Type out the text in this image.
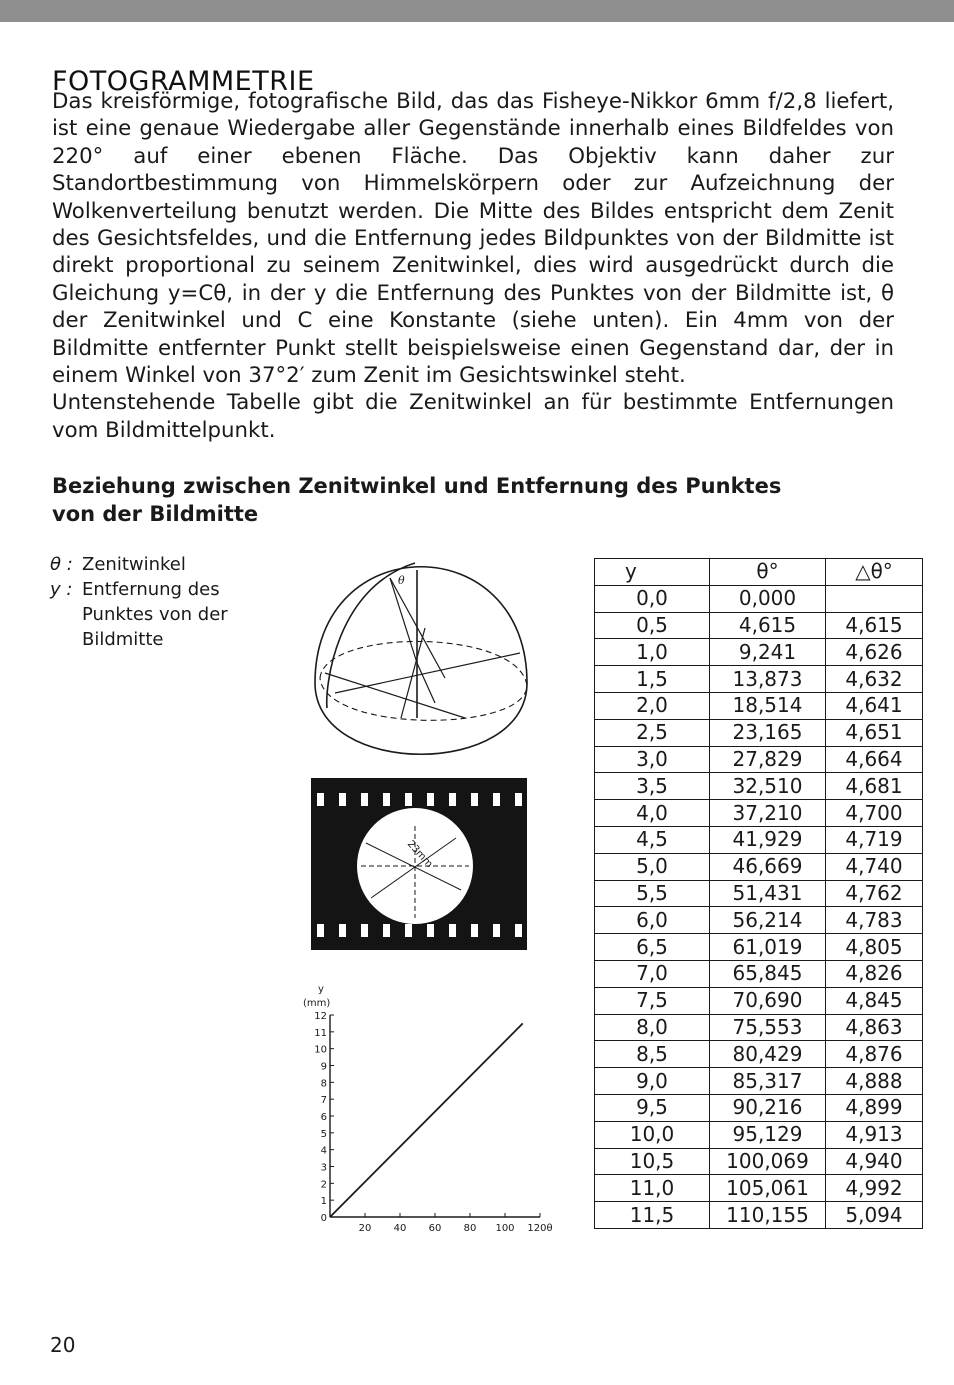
FOTOGRAMMETRIE

Das kreisförmige, fotografische Bild, das das Fisheye-Nikkor 6mm f/2,8 liefert, ist eine genaue Wiedergabe aller Gegenstände innerhalb eines Bildfeldes von 220° auf einer ebenen Fläche. Das Objektiv kann daher zur Standortbestimmung von Himmelskörpern oder zur Aufzeichnung der Wolkenverteilung benutzt werden. Die Mitte des Bildes entspricht dem Zenit des Gesichtsfeldes, und die Entfernung jedes Bildpunktes von der Bildmitte ist direkt proportional zu seinem Zenitwinkel, dies wird ausgedrückt durch die Gleichung y=Cθ, in der y die Entfernung des Punktes von der Bildmitte ist, θ der Zenitwinkel und C eine Konstante (siehe unten). Ein 4mm von der Bildmitte entfernter Punkt stellt beispielsweise einen Gegenstand dar, der in einem Winkel von 37°2′ zum Zenit im Gesichtswinkel steht.

Untenstehende Tabelle gibt die Zenitwinkel an für bestimmte Entfernungen vom Bildmittelpunkt.

Beziehung zwischen Zenitwinkel und Entfernung des Punktes von der Bildmitte
θ : Zenitwinkel
y : Entfernung des Punktes von der Bildmitte
θ
23mm
y
(mm)
0
1
2
3
4
5
6
7
8
9
10
11
12
20 40 60 80 100 120θ
y	θ°	△θ°
0,0	0,000	
0,5	4,615	4,615
1,0	9,241	4,626
1,5	13,873	4,632
2,0	18,514	4,641
2,5	23,165	4,651
3,0	27,829	4,664
3,5	32,510	4,681
4,0	37,210	4,700
4,5	41,929	4,719
5,0	46,669	4,740
5,5	51,431	4,762
6,0	56,214	4,783
6,5	61,019	4,805
7,0	65,845	4,826
7,5	70,690	4,845
8,0	75,553	4,863
8,5	80,429	4,876
9,0	85,317	4,888
9,5	90,216	4,899
10,0	95,129	4,913
10,5	100,069	4,940
11,0	105,061	4,992
11,5	110,155	5,094
20
